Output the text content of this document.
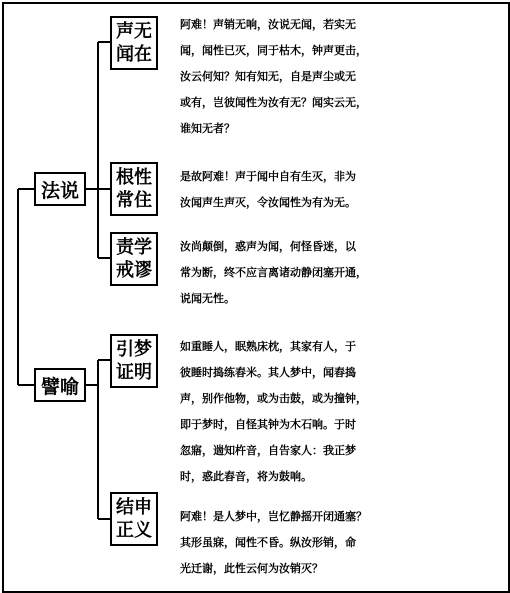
法说
譬喻
声无
闻在
根性
常住
责学
戒谬
引梦
证明
结申
正义
阿难！声销无响，汝说无闻，若实无
闻，闻性已灭，同于枯木，钟声更击，
汝云何知？知有知无，自是声尘或无
或有，岂彼闻性为汝有无？闻实云无，
谁知无者？
是故阿难！声于闻中自有生灭，非为
汝闻声生声灭，令汝闻性为有为无。
汝尚颠倒，惑声为闻，何怪昏迷，以
常为断，终不应言离诸动静闭塞开通，
说闻无性。
如重睡人，眠熟床枕，其家有人，于
彼睡时捣练舂米。其人梦中，闻舂捣
声，别作他物，或为击鼓，或为撞钟，
即于梦时，自怪其钟为木石响。于时
忽寤，遄知杵音，自告家人：我正梦
时，惑此舂音，将为鼓响。
阿难！是人梦中，岂忆静摇开闭通塞？
其形虽寐，闻性不昏。纵汝形销，命
光迁谢，此性云何为汝销灭？
